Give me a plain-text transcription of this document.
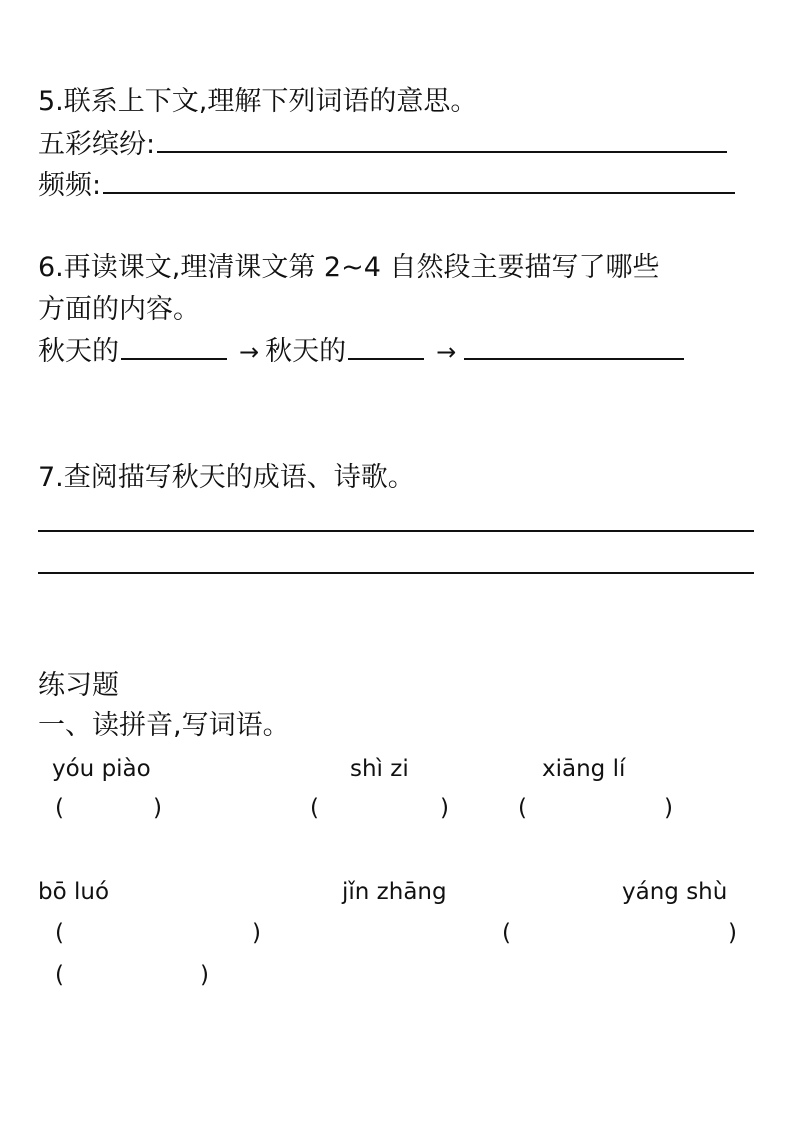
5.联系上下文,理解下列词语的意思。
五彩缤纷:
频频:
6.再读课文,理清课文第 2~4 自然段主要描写了哪些
方面的内容。
秋天的	→ 秋天的	→
7.查阅描写秋天的成语、诗歌。
练习题
一、读拼音,写词语。
yóu piào	shì zi	xiāng lí
(	)	(	)	(	)
bō luó	jǐn zhāng	yáng shù
(	)	(	)
(	)
